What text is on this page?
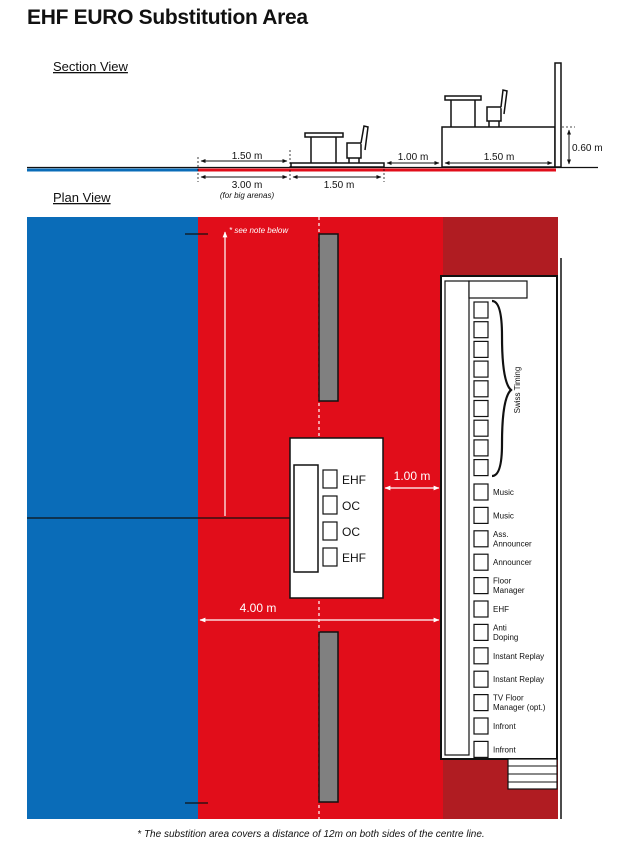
EHF EURO Substitution Area
Section View
1.50 m
3.00 m
(for big arenas)
1.50 m
1.00 m	1.50 m
0.60 m
Plan View
* see note below
EHF
OC
OC
EHF
1.00 m
4.00 m
Swiss Timing
Music
Music
Ass. Announcer
Announcer
Floor Manager
EHF
Anti Doping
Instant Replay
Instant Replay
TV Floor Manager (opt.)
Infront
Infront
* The substition area covers a distance of 12m on both sides of the centre line.
